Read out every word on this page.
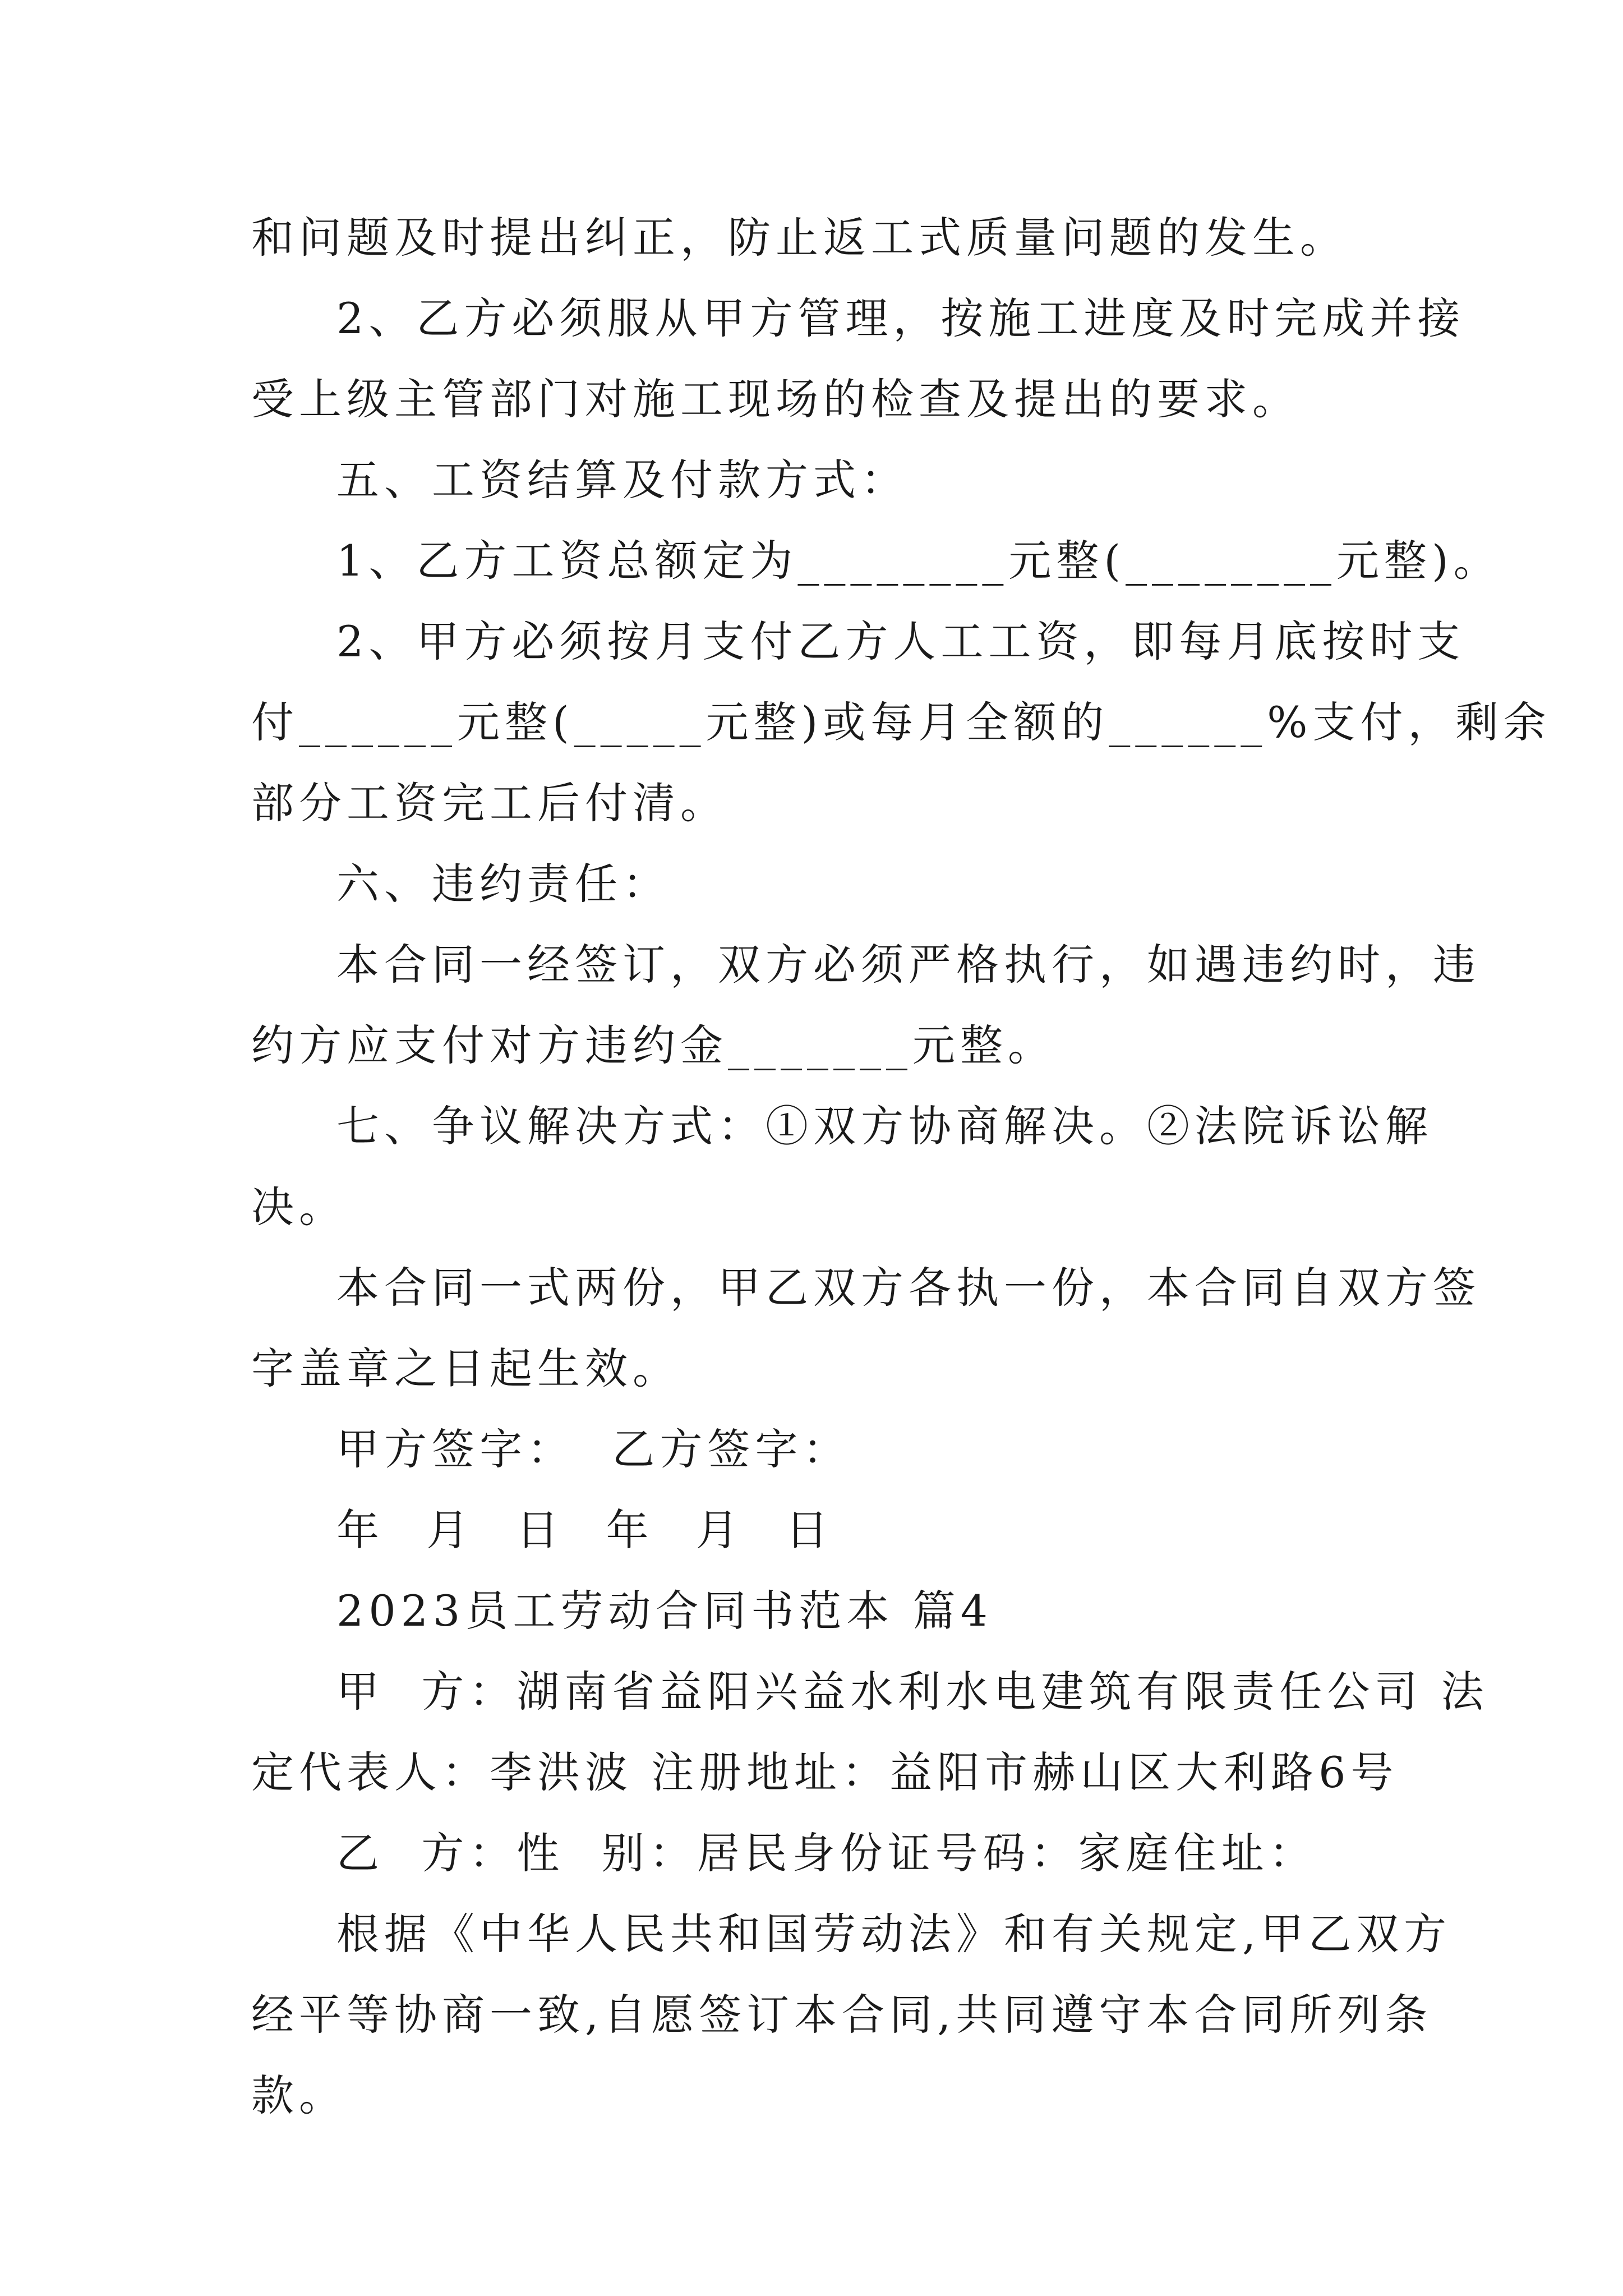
和问题及时提出纠正，防止返工式质量问题的发生。
2、乙方必须服从甲方管理，按施工进度及时完成并接
受上级主管部门对施工现场的检查及提出的要求。
五、工资结算及付款方式：
1、乙方工资总额定为________元整(________元整)。
2、甲方必须按月支付乙方人工工资，即每月底按时支
付______元整(_____元整)或每月全额的______%支付，剩余
部分工资完工后付清。
六、违约责任：
本合同一经签订，双方必须严格执行，如遇违约时，违
约方应支付对方违约金_______元整。
七、争议解决方式：①双方协商解决。②法院诉讼解
决。
本合同一式两份，甲乙双方各执一份，本合同自双方签
字盖章之日起生效。
甲方签字：  乙方签字：
年 月 日 年 月 日
2023员工劳动合同书范本 篇4
甲  方：湖南省益阳兴益水利水电建筑有限责任公司 法
定代表人：李洪波 注册地址：益阳市赫山区大利路6号
乙  方：性  别：居民身份证号码：家庭住址：
根据《中华人民共和国劳动法》和有关规定,甲乙双方
经平等协商一致,自愿签订本合同,共同遵守本合同所列条
款。
